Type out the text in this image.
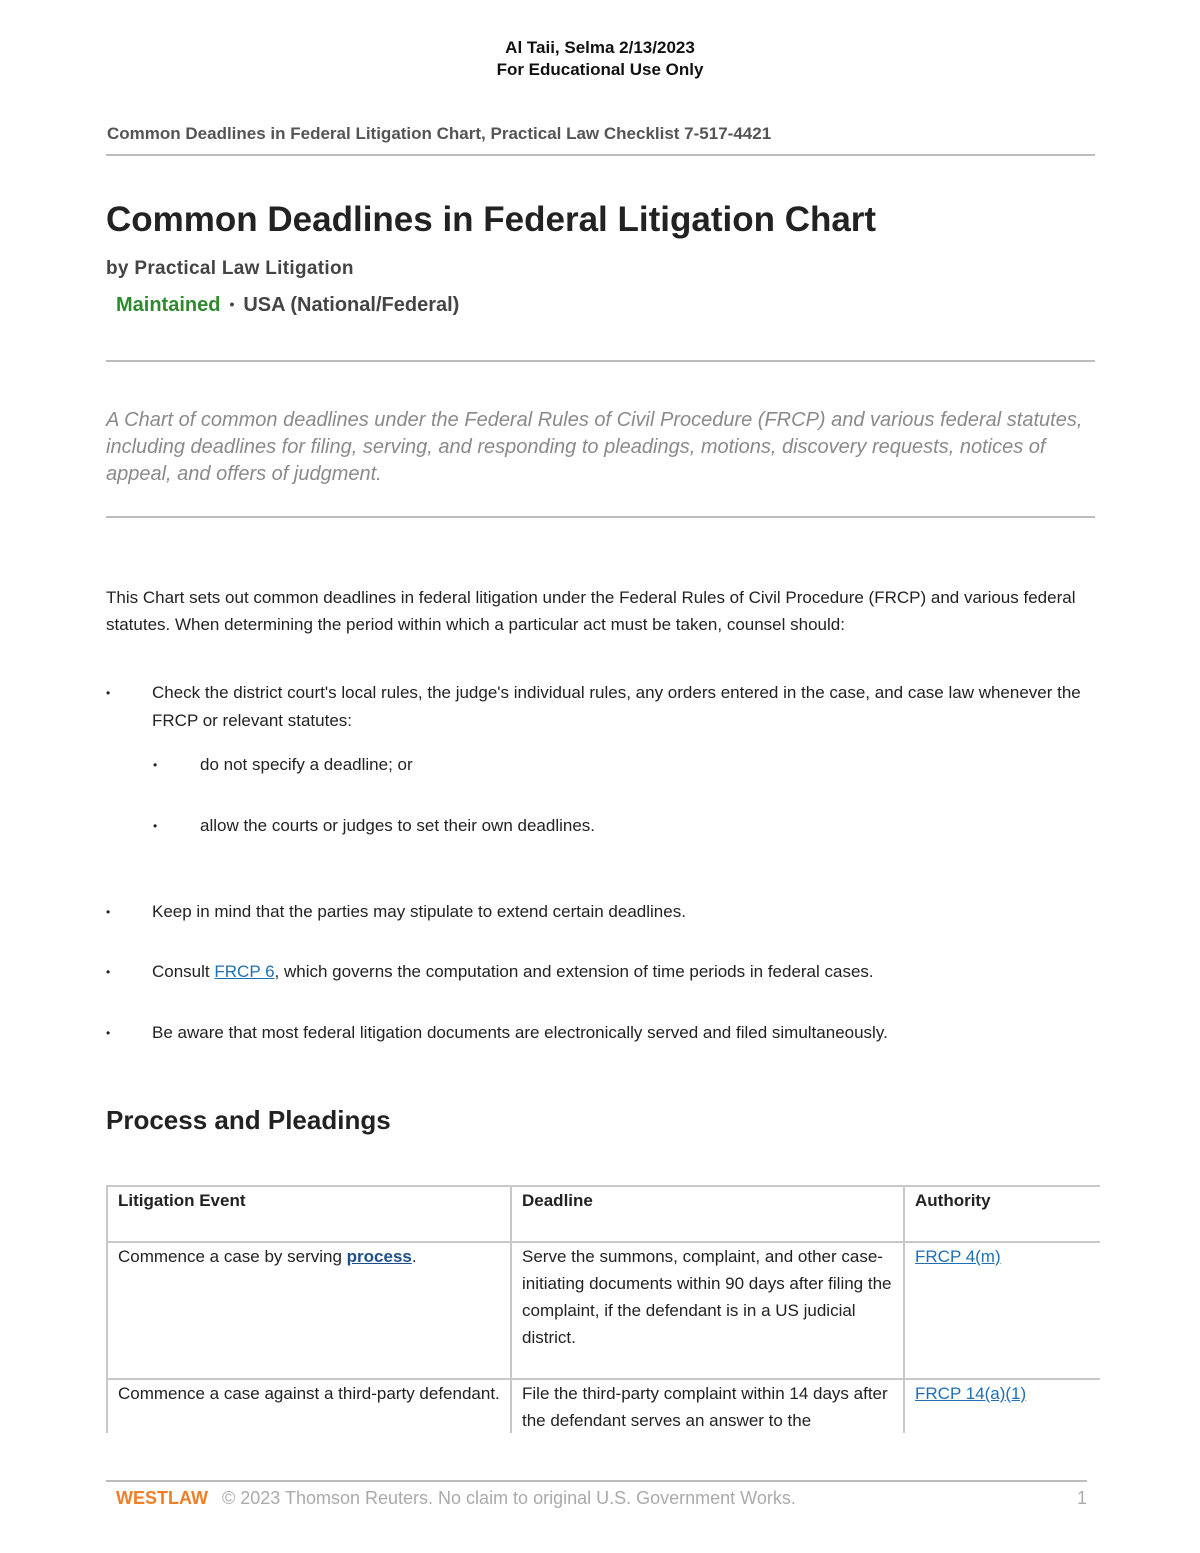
Al Taii, Selma 2/13/2023
For Educational Use Only
Common Deadlines in Federal Litigation Chart, Practical Law Checklist 7-517-4421
Common Deadlines in Federal Litigation Chart
by Practical Law Litigation
Maintained • USA (National/Federal)

A Chart of common deadlines under the Federal Rules of Civil Procedure (FRCP) and various federal statutes, including deadlines for filing, serving, and responding to pleadings, motions, discovery requests, notices of appeal, and offers of judgment.

This Chart sets out common deadlines in federal litigation under the Federal Rules of Civil Procedure (FRCP) and various federal statutes. When determining the period within which a particular act must be taken, counsel should:

• Check the district court's local rules, the judge's individual rules, any orders entered in the case, and case law whenever the FRCP or relevant statutes:
•	do not specify a deadline; or
•	allow the courts or judges to set their own deadlines.
• Keep in mind that the parties may stipulate to extend certain deadlines.
• Consult FRCP 6, which governs the computation and extension of time periods in federal cases.
• Be aware that most federal litigation documents are electronically served and filed simultaneously.
Process and Pleadings
Litigation Event	Deadline	Authority
Commence a case by serving process.	Serve the summons, complaint, and other case-initiating documents within 90 days after filing the complaint, if the defendant is in a US judicial district.	FRCP 4(m)
Commence a case against a third-party defendant.	File the third-party complaint within 14 days after the defendant serves an answer to the	FRCP 14(a)(1)
WESTLAW © 2023 Thomson Reuters. No claim to original U.S. Government Works.	1
